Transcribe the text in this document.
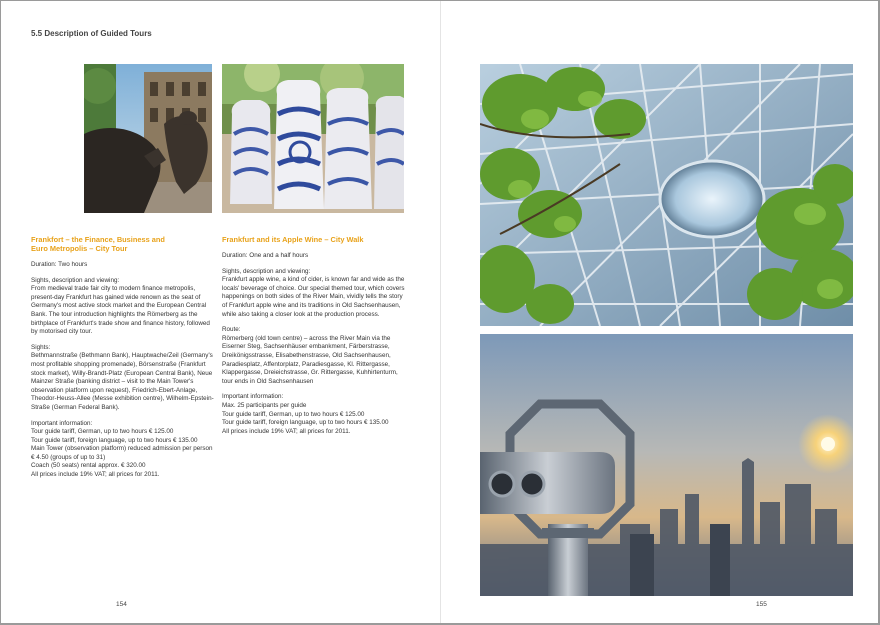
5.5 Description of Guided Tours
Frankfort – the Finance, Business and
Euro Metropolis – City Tour

Duration: Two hours

Sights, description and viewing:

From medieval trade fair city to modern finance metropolis, present-day Frankfurt has gained wide renown as the seat of Germany's most active stock market and the European Central Bank. The tour introduction highlights the Römerberg as the birthplace of Frankfurt's trade show and finance history, followed by motorised city tour.

Sights:

Bethmannstraße (Bethmann Bank), Hauptwache/Zeil (Germany's most profitable shopping promenade), Börsenstraße (Frankfurt stock market), Willy-Brandt-Platz (European Central Bank), Neue Mainzer Straße (banking district – visit to the Main Tower's observation platform upon request), Friedrich-Ebert-Anlage, Theodor-Heuss-Allee (Messe exhibition centre), Wilhelm-Epstein-Straße (German Federal Bank).

Important information:
Tour guide tariff, German, up to two hours € 125.00
Tour guide tariff, foreign language, up to two hours € 135.00
Main Tower (observation platform) reduced admission per person € 4.50 (groups of up to 31)
Coach (50 seats) rental approx. € 320.00
All prices include 19% VAT; all prices for 2011.
Frankfurt and its Apple Wine – City Walk

Duration: One and a half hours

Sights, description and viewing:

Frankfurt apple wine, a kind of cider, is known far and wide as the locals' beverage of choice. Our special themed tour, which covers happenings on both sides of the River Main, vividly tells the story of Frankfurt apple wine and its traditions in Old Sachsenhausen, while also taking a closer look at the production process.

Route:

Römerberg (old town centre) – across the River Main via the Eiserner Steg, Sachsenhäuser embankment, Färberstrasse, Dreikönigsstrasse, Elisabethenstrasse, Old Sachsenhausen, Paradiesplatz, Affentorplatz, Paradiesgasse, Kl. Rittergasse, Klappergasse, Dreieichstrasse, Gr. Rittergasse, Kuhhirtenturm, tour ends in Old Sachsenhausen

Important information:
Max. 25 participants per guide
Tour guide tariff, German, up to two hours € 125.00
Tour guide tariff, foreign language, up to two hours € 135.00
All prices include 19% VAT; all prices for 2011.
154	155
